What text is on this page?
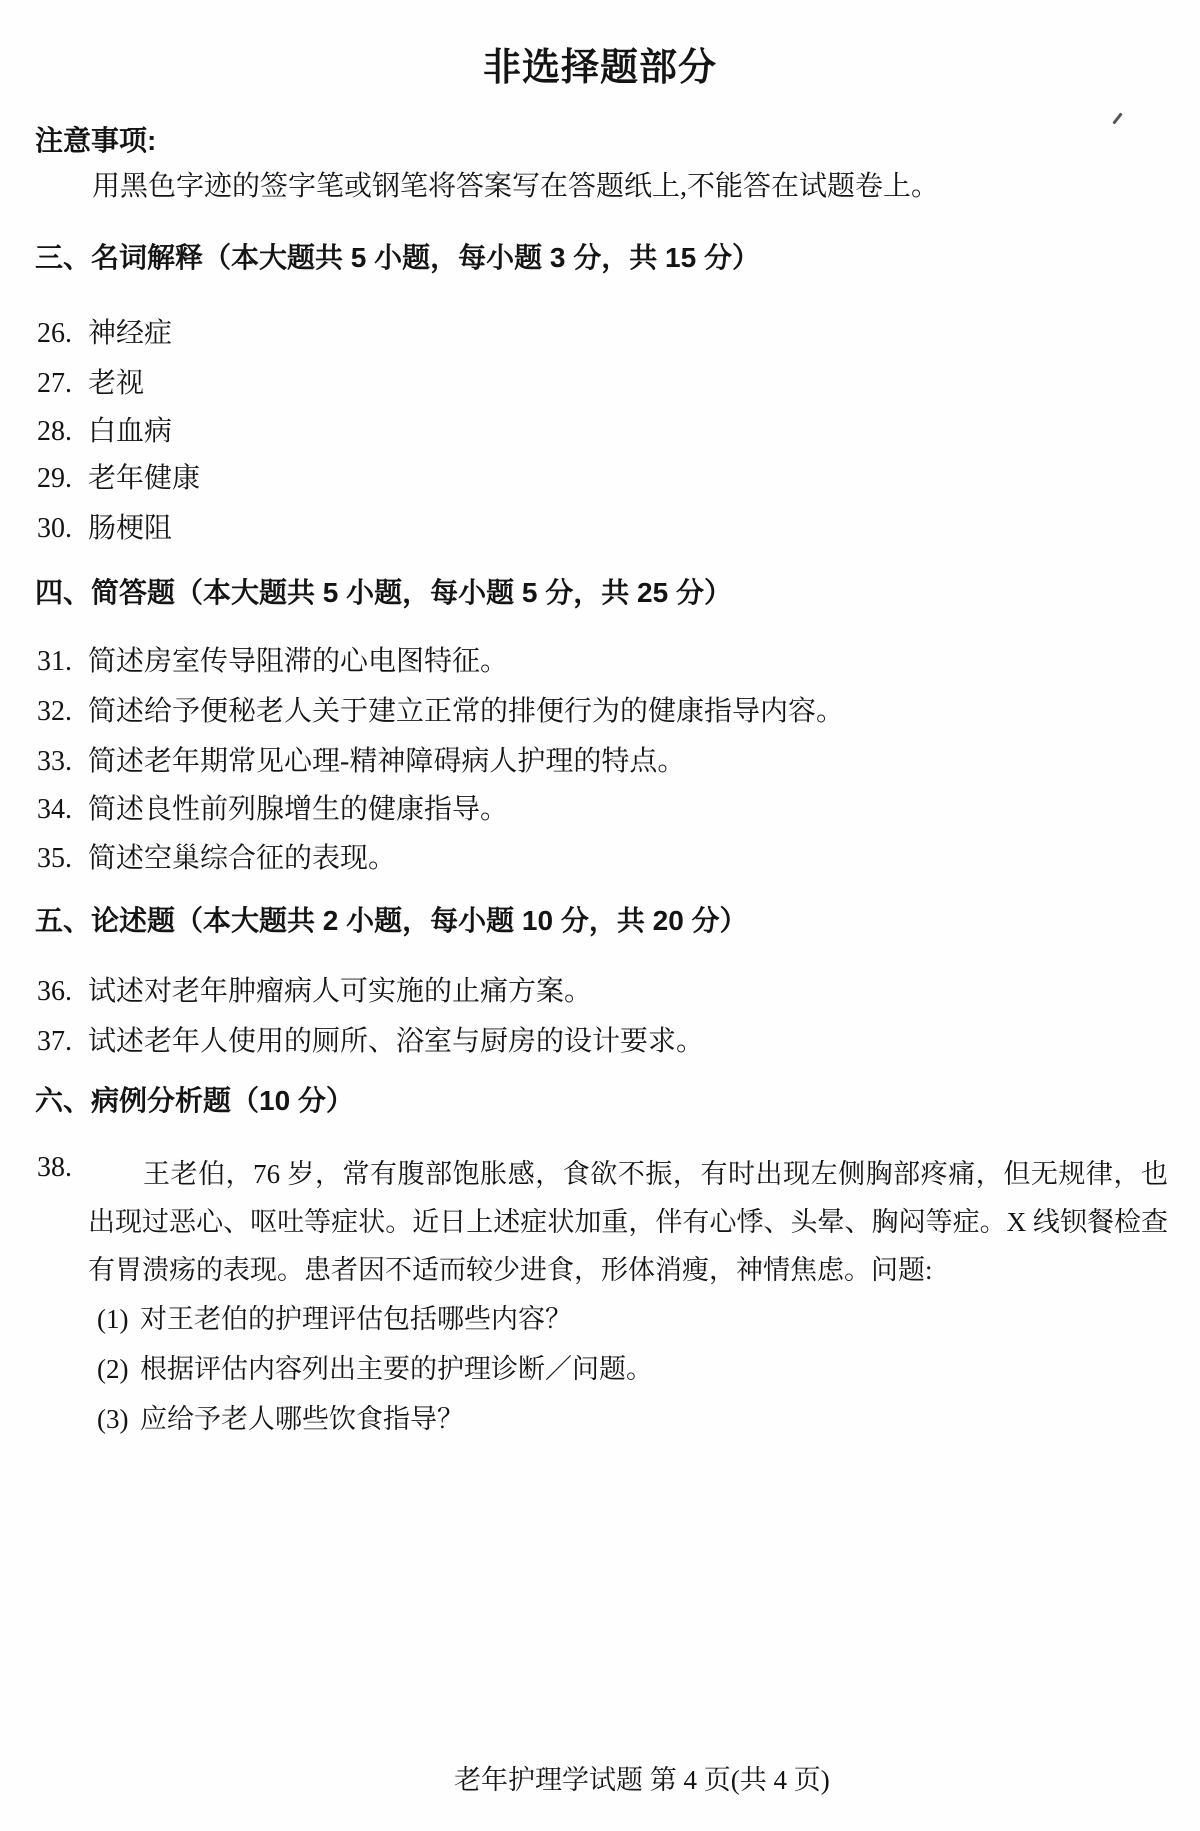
非选择题部分
注意事项:
用黑色字迹的签字笔或钢笔将答案写在答题纸上,不能答在试题卷上。
三、名词解释（本大题共 5 小题，每小题 3 分，共 15 分）
26. 神经症
27. 老视
28. 白血病
29. 老年健康
30. 肠梗阻
四、简答题（本大题共 5 小题，每小题 5 分，共 25 分）
31. 简述房室传导阻滞的心电图特征。
32. 简述给予便秘老人关于建立正常的排便行为的健康指导内容。
33. 简述老年期常见心理-精神障碍病人护理的特点。
34. 简述良性前列腺增生的健康指导。
35. 简述空巢综合征的表现。
五、论述题（本大题共 2 小题，每小题 10 分，共 20 分）
36. 试述对老年肿瘤病人可实施的止痛方案。
37. 试述老年人使用的厕所、浴室与厨房的设计要求。
六、病例分析题（10 分）
38.	王老伯，76 岁，常有腹部饱胀感，食欲不振，有时出现左侧胸部疼痛，但无规律，也出现过恶心、呕吐等症状。近日上述症状加重，伴有心悸、头晕、胸闷等症。X 线钡餐检查有胃溃疡的表现。患者因不适而较少进食，形体消瘦，神情焦虑。问题:
(1) 对王老伯的护理评估包括哪些内容？
(2) 根据评估内容列出主要的护理诊断／问题。
(3) 应给予老人哪些饮食指导？
老年护理学试题 第 4 页(共 4 页)
